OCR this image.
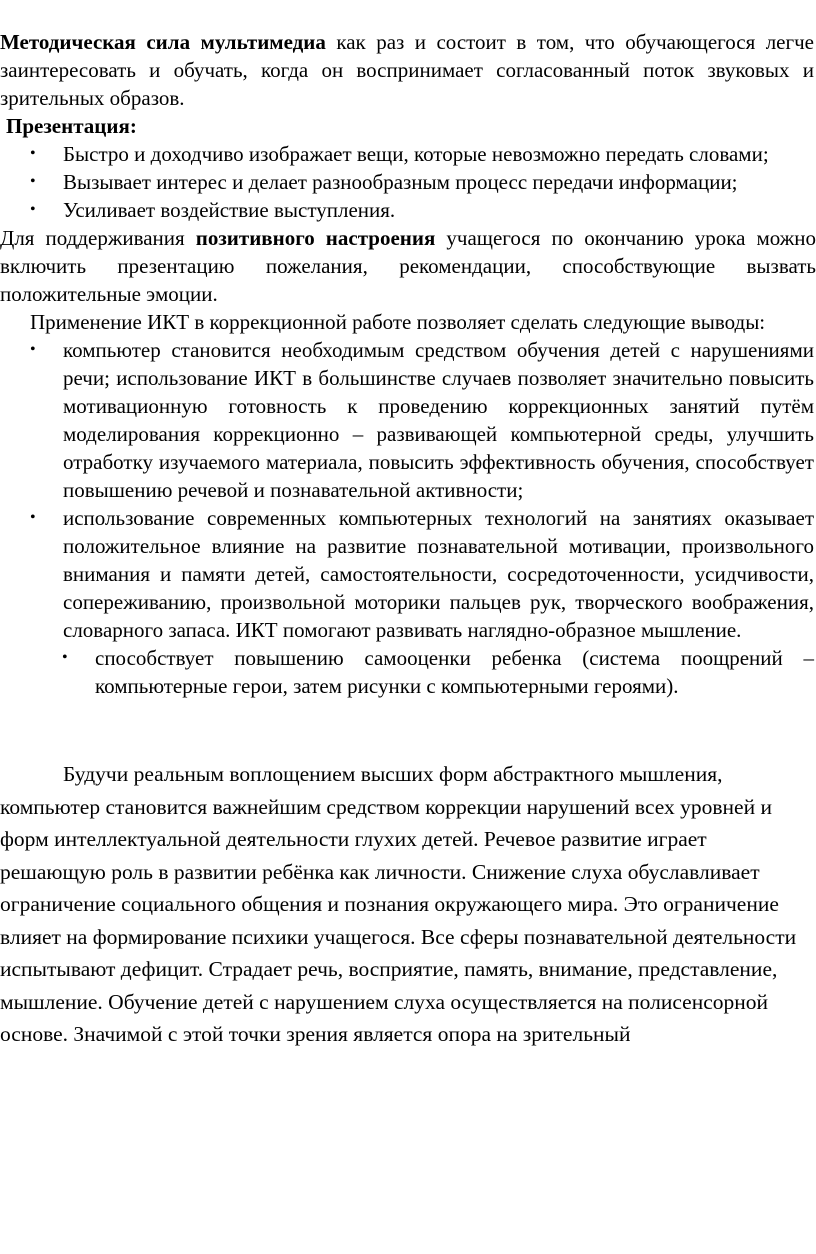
Методическая сила мультимедиа как раз и состоит в том, что обучающегося легче заинтересовать и обучать, когда он воспринимает согласованный поток звуковых и зрительных образов.

Презентация:

•	Быстро и доходчиво изображает вещи, которые невозможно передать словами;
•	Вызывает интерес и делает разнообразным процесс передачи информации;
•	Усиливает воздействие выступления.

Для поддерживания позитивного настроения учащегося по окончанию урока можно включить презентацию пожелания, рекомендации, способствующие вызвать положительные эмоции.

Применение ИКТ в коррекционной работе позволяет сделать следующие выводы:

•	компьютер становится необходимым средством обучения детей с нарушениями речи; использование ИКТ в большинстве случаев позволяет значительно повысить мотивационную готовность к проведению коррекционных занятий путём моделирования коррекционно – развивающей компьютерной среды, улучшить отработку изучаемого материала, повысить эффективность обучения, способствует повышению речевой и познавательной активности;
•	использование современных компьютерных технологий на занятиях оказывает положительное влияние на развитие познавательной мотивации, произвольного внимания и памяти детей, самостоятельности, сосредоточенности, усидчивости, сопереживанию, произвольной моторики пальцев рук, творческого воображения, словарного запаса. ИКТ помогают развивать наглядно-образное мышление.
•	способствует повышению самооценки ребенка (система поощрений – компьютерные герои, затем рисунки с компьютерными героями).

Будучи реальным воплощением высших форм абстрактного мышления, компьютер становится важнейшим средством коррекции нарушений всех уровней и форм интеллектуальной деятельности глухих детей. Речевое развитие играет решающую роль в развитии ребёнка как личности. Снижение слуха обуславливает ограничение социального общения и познания окружающего мира. Это ограничение влияет на формирование психики учащегося. Все сферы познавательной деятельности испытывают дефицит. Страдает речь, восприятие, память, внимание, представление, мышление. Обучение детей с нарушением слуха осуществляется на полисенсорной основе. Значимой с этой точки зрения является опора на зрительный
